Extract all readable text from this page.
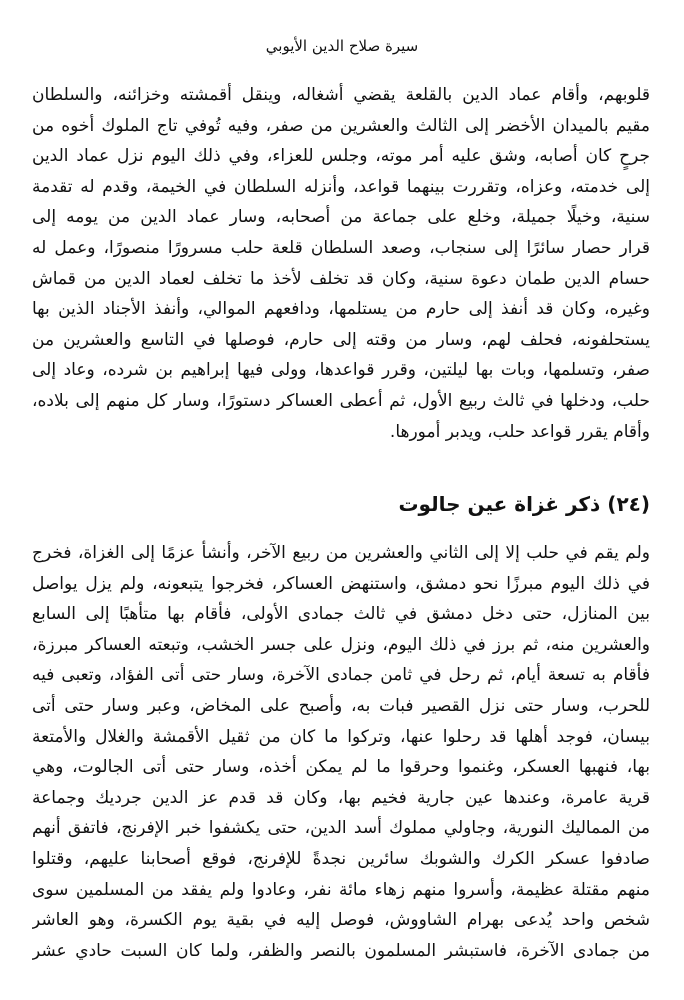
سيرة صلاح الدين الأيوبي
قلوبهم، وأقام عماد الدين بالقلعة يقضي أشغاله، وينقل أقمشته وخزائنه، والسلطان
مقيم بالميدان الأخضر إلى الثالث والعشرين من صفر، وفيه تُوفي تاج الملوك أخوه من
جرحٍ كان أصابه، وشق عليه أمر موته، وجلس للعزاء، وفي ذلك اليوم نزل عماد الدين
إلى خدمته، وعزاه، وتقررت بينهما قواعد، وأنزله السلطان في الخيمة، وقدم له تقدمة
سنية، وخيلًا جميلة، وخلع على جماعة من أصحابه، وسار عماد الدين من يومه إلى
قرار حصار سائرًا إلى سنجاب، وصعد السلطان قلعة حلب مسرورًا منصورًا، وعمل له
حسام الدين طمان دعوة سنية، وكان قد تخلف لأخذ ما تخلف لعماد الدين من قماش
وغيره، وكان قد أنفذ إلى حارم من يستلمها، ودافعهم الموالي، وأنفذ الأجناد الذين بها
يستحلفونه، فحلف لهم، وسار من وقته إلى حارم، فوصلها في التاسع والعشرين من
صفر، وتسلمها، وبات بها ليلتين، وقرر قواعدها، وولى فيها إبراهيم بن شرده، وعاد إلى
حلب، ودخلها في ثالث ربيع الأول، ثم أعطى العساكر دستورًا، وسار كل منهم إلى بلاده،
وأقام يقرر قواعد حلب، ويدبر أمورها.
(٢٤) ذكر غزاة عين جالوت
ولم يقم في حلب إلا إلى الثاني والعشرين من ربيع الآخر، وأنشأ عزمًا إلى الغزاة، فخرج
في ذلك اليوم مبرزًا نحو دمشق، واستنهض العساكر، فخرجوا يتبعونه، ولم يزل يواصل
بين المنازل، حتى دخل دمشق في ثالث جمادى الأولى، فأقام بها متأهبًا إلى السابع
والعشرين منه، ثم برز في ذلك اليوم، ونزل على جسر الخشب، وتبعته العساكر مبرزة،
فأقام به تسعة أيام، ثم رحل في ثامن جمادى الآخرة، وسار حتى أتى الفؤاد، وتعبى فيه
للحرب، وسار حتى نزل القصير فبات به، وأصبح على المخاض، وعبر وسار حتى أتى
بيسان، فوجد أهلها قد رحلوا عنها، وتركوا ما كان من ثقيل الأقمشة والغلال والأمتعة
بها، فنهبها العسكر، وغنموا وحرقوا ما لم يمكن أخذه، وسار حتى أتى الجالوت، وهي
قرية عامرة، وعندها عين جارية فخيم بها، وكان قد قدم عز الدين جرديك وجماعة
من المماليك النورية، وجاولي مملوك أسد الدين، حتى يكشفوا خبر الإفرنج، فاتفق أنهم
صادفوا عسكر الكرك والشوبك سائرين نجدةً للإفرنج، فوقع أصحابنا عليهم، وقتلوا
منهم مقتلة عظيمة، وأسروا منهم زهاء مائة نفر، وعادوا ولم يفقد من المسلمين سوى
شخص واحد يُدعى بهرام الشاووش، فوصل إليه في بقية يوم الكسرة، وهو العاشر
من جمادى الآخرة، فاستبشر المسلمون بالنصر والظفر، ولما كان السبت حادي عشر
